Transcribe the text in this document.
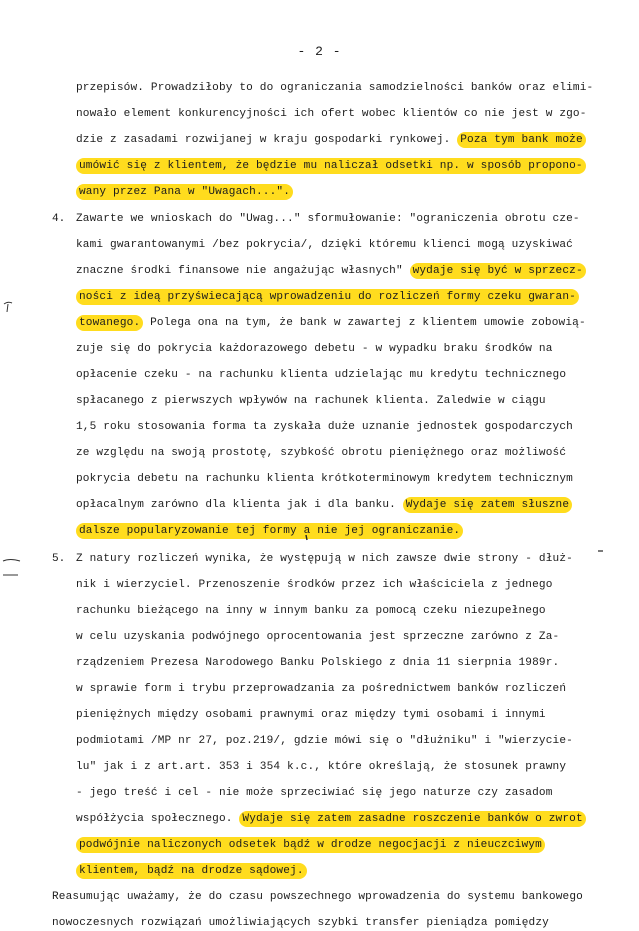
- 2 -
przepisów. Prowadziłoby to do ograniczania samodzielności banków oraz elimi-
nowało element konkurencyjności ich ofert wobec klientów co nie jest w zgo-
dzie z zasadami rozwijanej w kraju gospodarki rynkowej. Poza tym bank może
umówić się z klientem, że będzie mu naliczał odsetki np. w sposób propono-
wany przez Pana w "Uwagach...".
4. Zawarte we wnioskach do "Uwag..." sformułowanie: "ograniczenia obrotu cze-
kami gwarantowanymi /bez pokrycia/, dzięki któremu klienci mogą uzyskiwać
znaczne środki finansowe nie angażując własnych" wydaje się być w sprzecz-
ności z ideą przyświecającą wprowadzeniu do rozliczeń formy czeku gwaran-
towanego. Polega ona na tym, że bank w zawartej z klientem umowie zobowią-
zuje się do pokrycia każdorazowego debetu - w wypadku braku środków na
opłacenie czeku - na rachunku klienta udzielając mu kredytu technicznego
spłacanego z pierwszych wpływów na rachunek klienta. Zaledwie w ciągu
1,5 roku stosowania forma ta zyskała duże uznanie jednostek gospodarczych
ze względu na swoją prostotę, szybkość obrotu pieniężnego oraz możliwość
pokrycia debetu na rachunku klienta krótkoterminowym kredytem technicznym
opłacalnym zarówno dla klienta jak i dla banku. Wydaje się zatem słuszne
dalsze popularyzowanie tej formy a nie jej ograniczanie.
5. Z natury rozliczeń wynika, że występują w nich zawsze dwie strony - dłuż-
nik i wierzyciel. Przenoszenie środków przez ich właściciela z jednego
rachunku bieżącego na inny w innym banku za pomocą czeku niezupełnego
w celu uzyskania podwójnego oprocentowania jest sprzeczne zarówno z Za-
rządzeniem Prezesa Narodowego Banku Polskiego z dnia 11 sierpnia 1989r.
w sprawie form i trybu przeprowadzania za pośrednictwem banków rozliczeń
pieniężnych między osobami prawnymi oraz między tymi osobami i innymi
podmiotami /MP nr 27, poz.219/, gdzie mówi się o "dłużniku" i "wierzycie-
lu" jak i z art.art. 353 i 354 k.c., które określają, że stosunek prawny
- jego treść i cel - nie może sprzeciwiać się jego naturze czy zasadom
współżycia społecznego. Wydaje się zatem zasadne roszczenie banków o zwrot
podwójnie naliczonych odsetek bądź w drodze negocjacji z nieuczciwym
klientem, bądź na drodze sądowej.
Reasumując uważamy, że do czasu powszechnego wprowadzenia do systemu bankowego
nowoczesnych rozwiązań umożliwiających szybki transfer pieniądza pomiędzy
